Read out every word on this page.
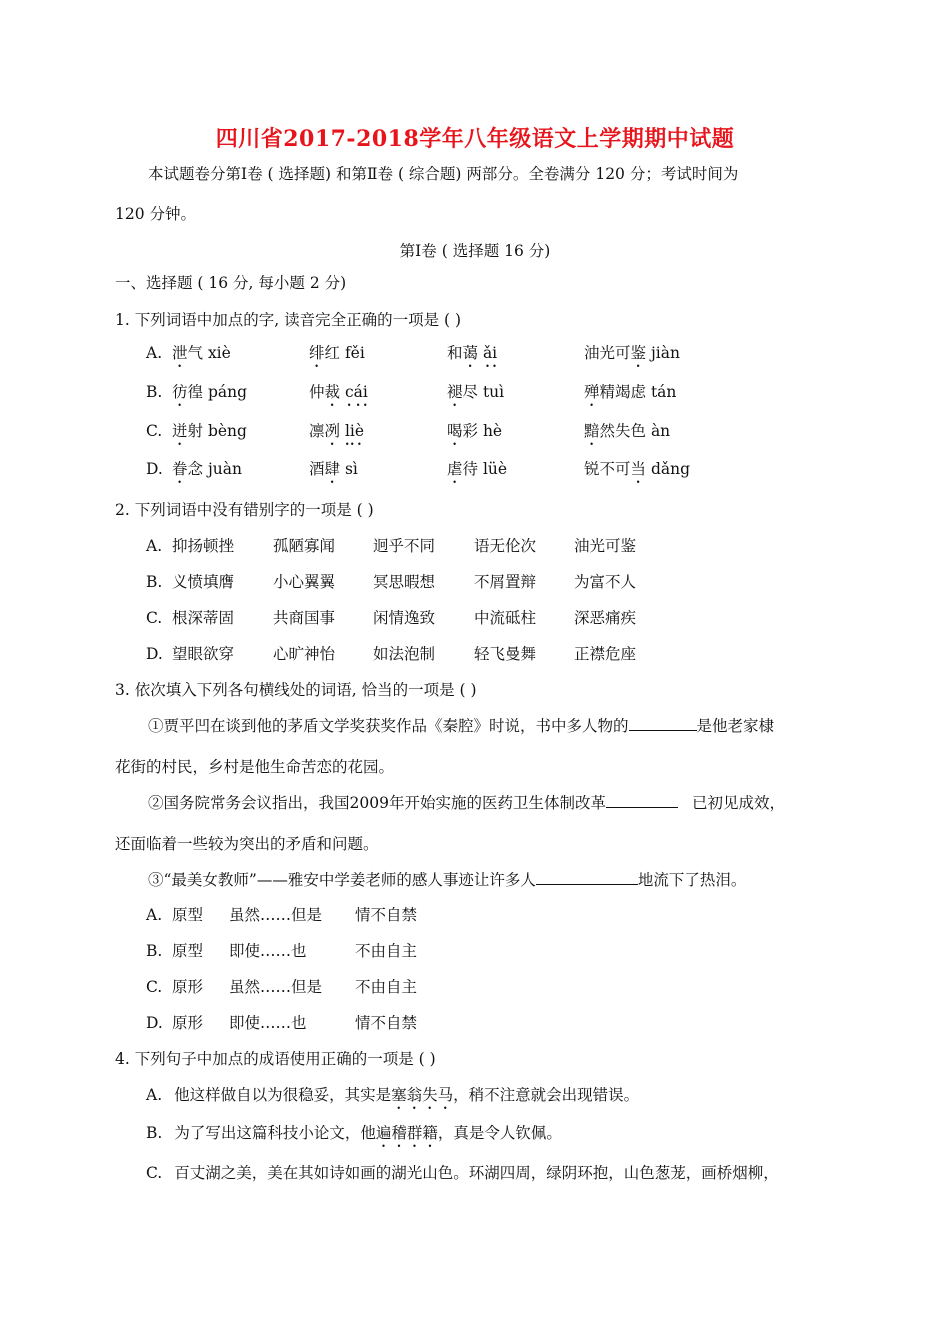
四川省2017-2018学年八年级语文上学期期中试题
本试题卷分第Ⅰ卷 ( 选择题) 和第Ⅱ卷 ( 综合题) 两部分。全卷满分 120 分；考试时间为
120 分钟。
第Ⅰ卷 ( 选择题 16 分)
一、选择题 ( 16 分, 每小题 2 分)
1. 下列词语中加点的字, 读音完全正确的一项是 ( )
A. 泄气 xiè	绯红 fěi	和蔼 ǎi	油光可鉴 jiàn
B. 彷徨 páng	仲裁 cái	褪尽 tuì	殚精竭虑 tán
C. 迸射 bèng	凛冽 liè	喝彩 hè	黯然失色 àn
D. 眷念 juàn	酒肆 sì	虐待 lüè	锐不可当 dǎng
2. 下列词语中没有错别字的一项是 ( )
A. 抑扬顿挫	孤陋寡闻 迥乎不同	语无伦次 油光可鉴
B. 义愤填膺	小心翼翼 冥思暇想	不屑置辩 为富不人
C. 根深蒂固	共商国事 闲情逸致	中流砥柱 深恶痛疾
D. 望眼欲穿	心旷神怡 如法泡制	轻飞曼舞 正襟危座
3. 依次填入下列各句横线处的词语, 恰当的一项是 ( )
①贾平凹在谈到他的茅盾文学奖获奖作品《秦腔》时说，书中多人物的	是他老家棣
花街的村民，乡村是他生命苦恋的花园。
②国务院常务会议指出，我国2009年开始实施的医药卫生体制改革	已初见成效，
还面临着一些较为突出的矛盾和问题。
③“最美女教师”——雅安中学姜老师的感人事迹让许多人	地流下了热泪。
A. 原型 虽然……但是 情不自禁
B. 原型 即使……也	不由自主
C. 原形 虽然……但是 不由自主
D. 原形 即使……也	情不自禁
4. 下列句子中加点的成语使用正确的一项是 ( )
A. 他这样做自以为很稳妥，其实是塞翁失马，稍不注意就会出现错误。
B. 为了写出这篇科技小论文，他遍稽群籍，真是令人钦佩。
C. 百丈湖之美，美在其如诗如画的湖光山色。环湖四周，绿阴环抱，山色葱茏，画桥烟柳，
